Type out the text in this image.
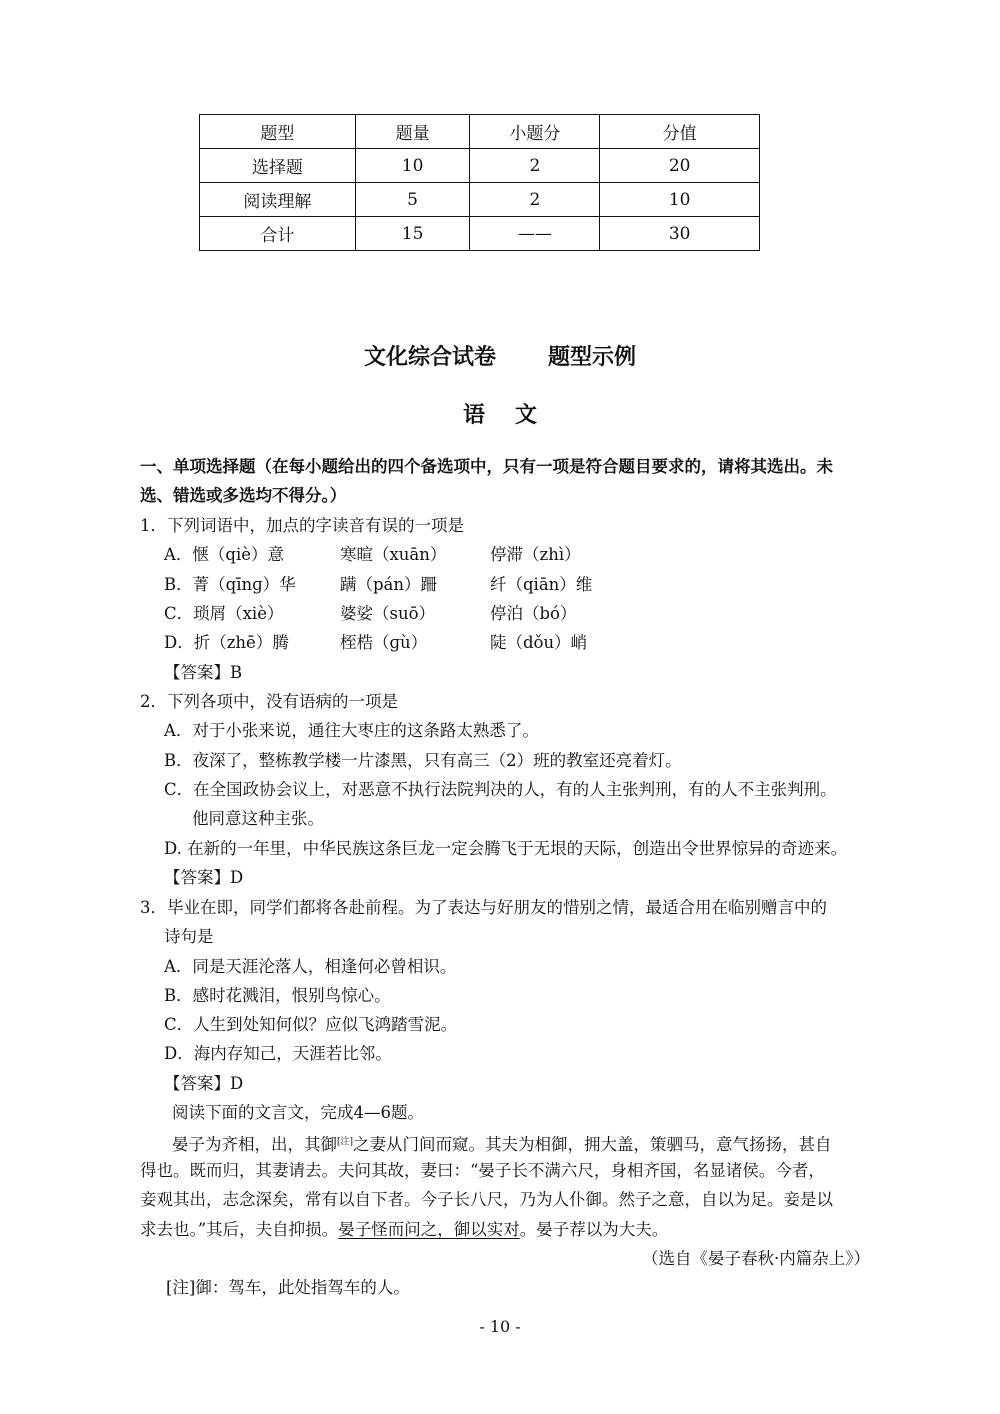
题型	题量	小题分	分值
选择题	10	2	20
阅读理解	5	2	10
合计	15	——	30
文化综合试卷 题型示例
语文
一、单项选择题（在每小题给出的四个备选项中，只有一项是符合题目要求的，请将其选出。未
选、错选或多选均不得分。）
1．下列词语中，加点的字读音有误的一项是
A．惬（qiè）意	寒暄（xuān）	停滞（zhì）
B．菁（qīnɡ）华	蹒（pán）跚	纤（qiān）维
C．琐屑（xiè）	婆娑（suō）	停泊（bó）
D．折（zhē）腾	桎梏（ɡù）	陡（dǒu）峭
【答案】B
2．下列各项中，没有语病的一项是
A．对于小张来说，通往大枣庄的这条路太熟悉了。
B．夜深了，整栋教学楼一片漆黑，只有高三（2）班的教室还亮着灯。
C．在全国政协会议上，对恶意不执行法院判决的人，有的人主张判刑，有的人不主张判刑。
他同意这种主张。
D. 在新的一年里，中华民族这条巨龙一定会腾飞于无垠的天际，创造出令世界惊异的奇迹来。
【答案】D
3．毕业在即，同学们都将各赴前程。为了表达与好朋友的惜别之情，最适合用在临别赠言中的
诗句是
A．同是天涯沦落人，相逢何必曾相识。
B．感时花溅泪，恨别鸟惊心。
C．人生到处知何似？应似飞鸿踏雪泥。
D．海内存知己，天涯若比邻。
【答案】D
阅读下面的文言文，完成4—6题。
晏子为齐相，出，其御[注]之妻从门间而窥。其夫为相御，拥大盖，策驷马，意气扬扬，甚自
得也。既而归，其妻请去。夫问其故，妻曰：“晏子长不满六尺，身相齐国，名显诸侯。今者，
妾观其出，志念深矣，常有以自下者。今子长八尺，乃为人仆御。然子之意，自以为足。妾是以
求去也。”其后，夫自抑损。晏子怪而问之，御以实对。晏子荐以为大夫。
（选自《晏子春秋·内篇杂上》）
[注]御：驾车，此处指驾车的人。
- 10 -
